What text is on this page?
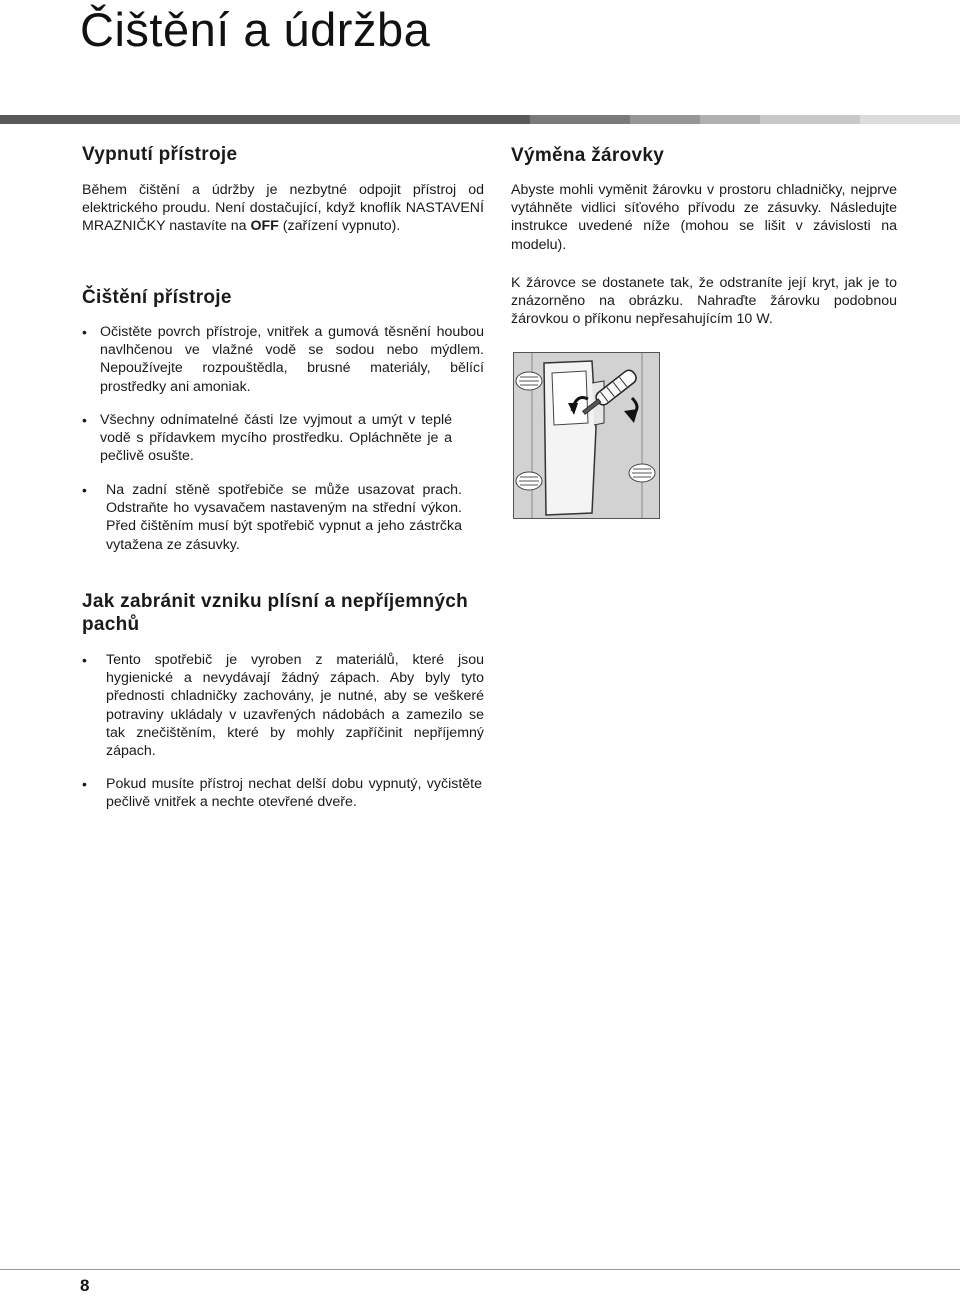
Čištění a údržba
Vypnutí přístroje

Během čištění a údržby je nezbytné odpojit přístroj od elektrického proudu. Není dostačující, když knoflík NASTAVENÍ MRAZNIČKY nastavíte na OFF (zařízení vypnuto).

Čištění přístroje
• Očistěte povrch přístroje, vnitřek a gumová těsnění houbou navlhčenou ve vlažné vodě se sodou nebo mýdlem. Nepoužívejte rozpouštědla, brusné materiály, bělící prostředky ani amoniak.

• Všechny odnímatelné části lze vyjmout a umýt v teplé vodě s přídavkem mycího prostředku. Opláchněte je a pečlivě osušte.

•	Na zadní stěně spotřebiče se může usazovat prach. Odstraňte ho vysavačem nastaveným na střední výkon. Před čištěním musí být spotřebič vypnut a jeho zástrčka vytažena ze zásuvky.

Jak zabránit vzniku plísní a nepříjemných pachů
•	Tento spotřebič je vyroben z materiálů, které jsou hygienické a nevydávají žádný zápach. Aby byly tyto přednosti chladničky zachovány, je nutné, aby se veškeré potraviny ukládaly v uzavřených nádobách a zamezilo se tak znečištěním, které by mohly zapříčinit nepříjemný zápach.

•	Pokud musíte přístroj nechat delší dobu vypnutý, vyčistěte pečlivě vnitřek a nechte otevřené dveře.

Výměna žárovky

Abyste mohli vyměnit žárovku v prostoru chladničky, nejprve vytáhněte vidlici síťového přívodu ze zásuvky. Následujte instrukce uvedené níže (mohou se lišit v závislosti na modelu).

K žárovce se dostanete tak, že odstraníte její kryt, jak je to znázorněno na obrázku. Nahraďte žárovku podobnou žárovkou o příkonu nepřesahujícím 10 W.

8
